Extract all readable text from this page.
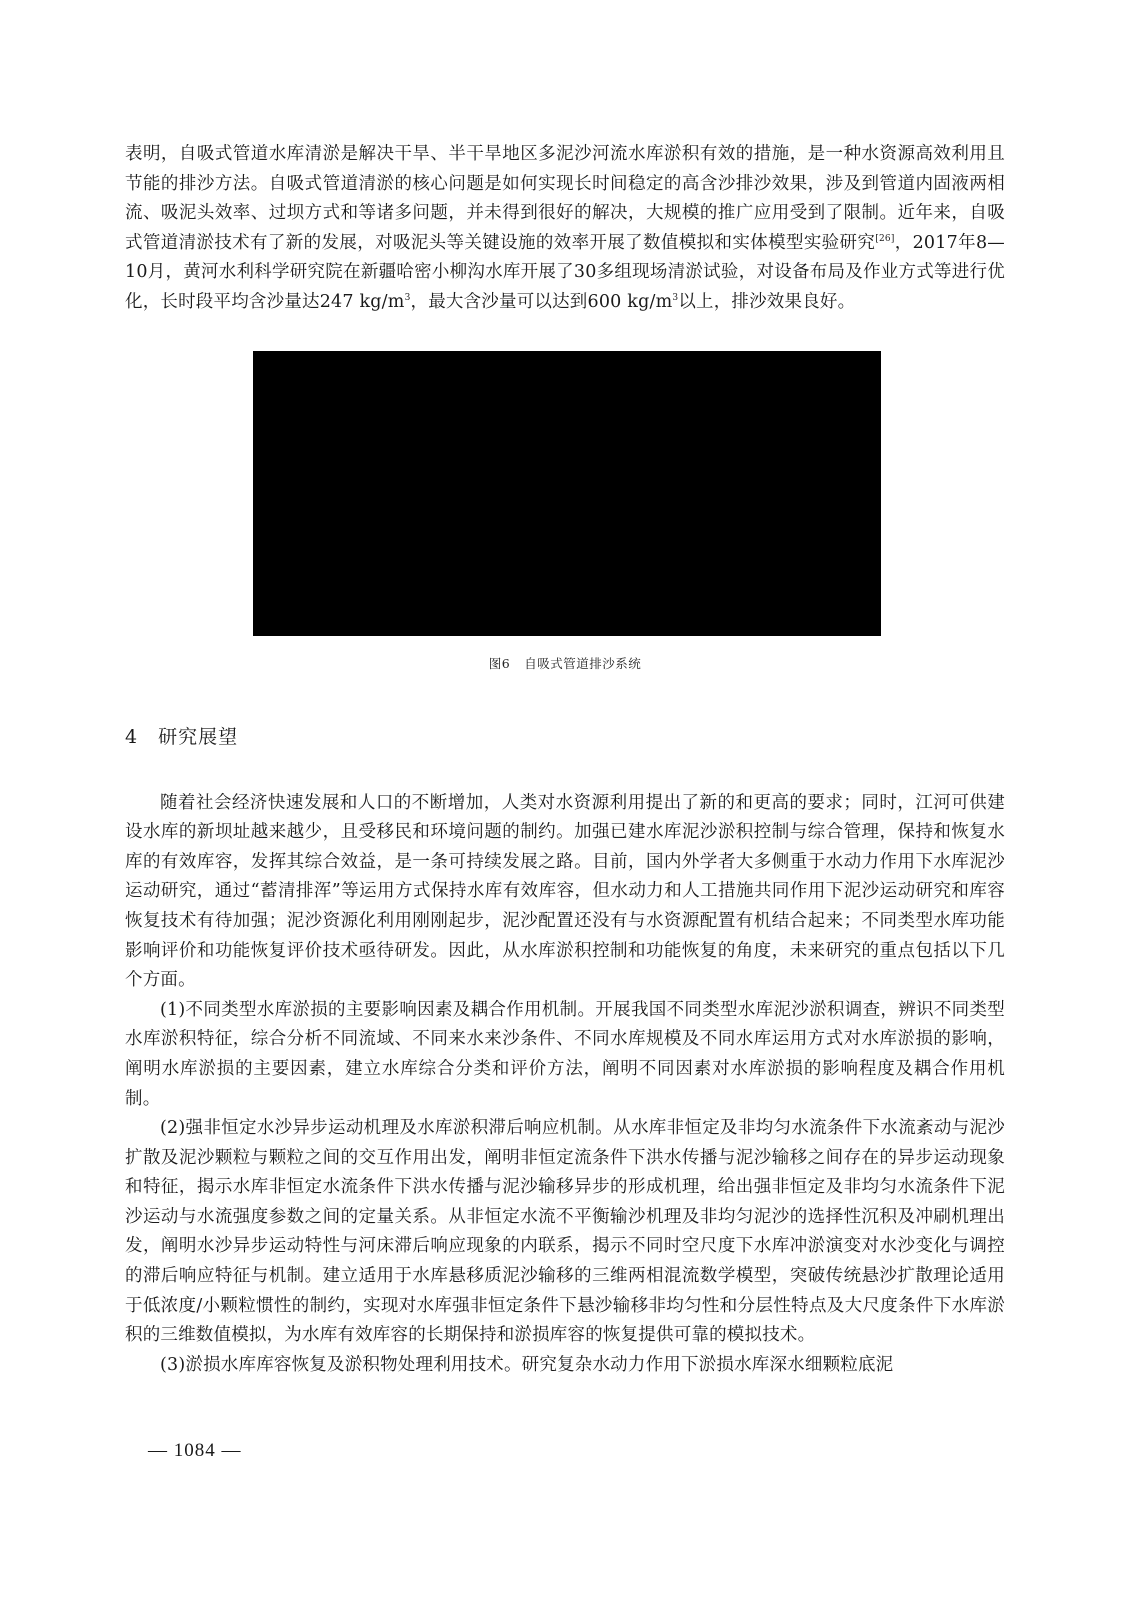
表明，自吸式管道水库清淤是解决干旱、半干旱地区多泥沙河流水库淤积有效的措施，是一种水资源高效利用且节能的排沙方法。自吸式管道清淤的核心问题是如何实现长时间稳定的高含沙排沙效果，涉及到管道内固液两相流、吸泥头效率、过坝方式和等诸多问题，并未得到很好的解决，大规模的推广应用受到了限制。近年来，自吸式管道清淤技术有了新的发展，对吸泥头等关键设施的效率开展了数值模拟和实体模型实验研究[26]，2017年8—10月，黄河水利科学研究院在新疆哈密小柳沟水库开展了30多组现场清淤试验，对设备布局及作业方式等进行优化，长时段平均含沙量达247 $kg/m^3$，最大含沙量可以达到600 $kg/m^3$以上，排沙效果良好。

图6 自吸式管道排沙系统
4 研究展望

随着社会经济快速发展和人口的不断增加，人类对水资源利用提出了新的和更高的要求；同时，江河可供建设水库的新坝址越来越少，且受移民和环境问题的制约。加强已建水库泥沙淤积控制与综合管理，保持和恢复水库的有效库容，发挥其综合效益，是一条可持续发展之路。目前，国内外学者大多侧重于水动力作用下水库泥沙运动研究，通过“蓄清排浑”等运用方式保持水库有效库容，但水动力和人工措施共同作用下泥沙运动研究和库容恢复技术有待加强；泥沙资源化利用刚刚起步，泥沙配置还没有与水资源配置有机结合起来；不同类型水库功能影响评价和功能恢复评价技术亟待研发。因此，从水库淤积控制和功能恢复的角度，未来研究的重点包括以下几个方面。

(1)不同类型水库淤损的主要影响因素及耦合作用机制。开展我国不同类型水库泥沙淤积调查，辨识不同类型水库淤积特征，综合分析不同流域、不同来水来沙条件、不同水库规模及不同水库运用方式对水库淤损的影响，阐明水库淤损的主要因素，建立水库综合分类和评价方法，阐明不同因素对水库淤损的影响程度及耦合作用机制。

(2)强非恒定水沙异步运动机理及水库淤积滞后响应机制。从水库非恒定及非均匀水流条件下水流紊动与泥沙扩散及泥沙颗粒与颗粒之间的交互作用出发，阐明非恒定流条件下洪水传播与泥沙输移之间存在的异步运动现象和特征，揭示水库非恒定水流条件下洪水传播与泥沙输移异步的形成机理，给出强非恒定及非均匀水流条件下泥沙运动与水流强度参数之间的定量关系。从非恒定水流不平衡输沙机理及非均匀泥沙的选择性沉积及冲刷机理出发，阐明水沙异步运动特性与河床滞后响应现象的内联系，揭示不同时空尺度下水库冲淤演变对水沙变化与调控的滞后响应特征与机制。建立适用于水库悬移质泥沙输移的三维两相混流数学模型，突破传统悬沙扩散理论适用于低浓度/小颗粒惯性的制约，实现对水库强非恒定条件下悬沙输移非均匀性和分层性特点及大尺度条件下水库淤积的三维数值模拟，为水库有效库容的长期保持和淤损库容的恢复提供可靠的模拟技术。

(3)淤损水库库容恢复及淤积物处理利用技术。研究复杂水动力作用下淤损水库深水细颗粒底泥

— 1084 —
